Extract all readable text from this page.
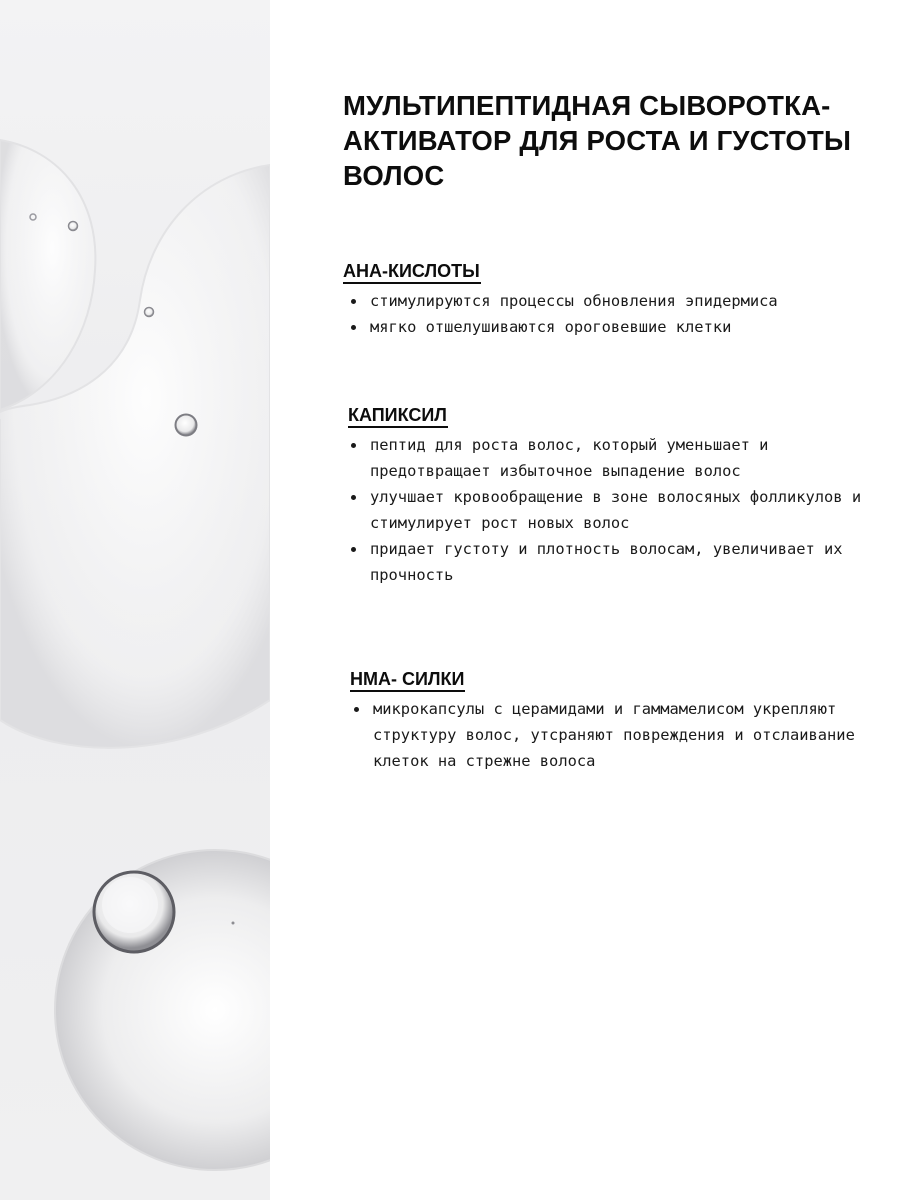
МУЛЬТИПЕПТИДНАЯ СЫВОРОТКА-АКТИВАТОР ДЛЯ РОСТА И ГУСТОТЫ ВОЛОС
АНА-КИСЛОТЫ
стимулируются процессы обновления эпидермиса
мягко отшелушиваются ороговевшие клетки
КАПИКСИЛ
пептид для роста волос, который уменьшает и предотвращает избыточное выпадение волос
улучшает кровообращение в зоне волосяных фолликулов и стимулирует рост новых волос
придает густоту и плотность волосам, увеличивает их прочность
НМА- СИЛКИ
микрокапсулы с церамидами и гаммамелисом укрепляют структуру волос, утсраняют повреждения и отслаивание клеток на стрежне волоса
